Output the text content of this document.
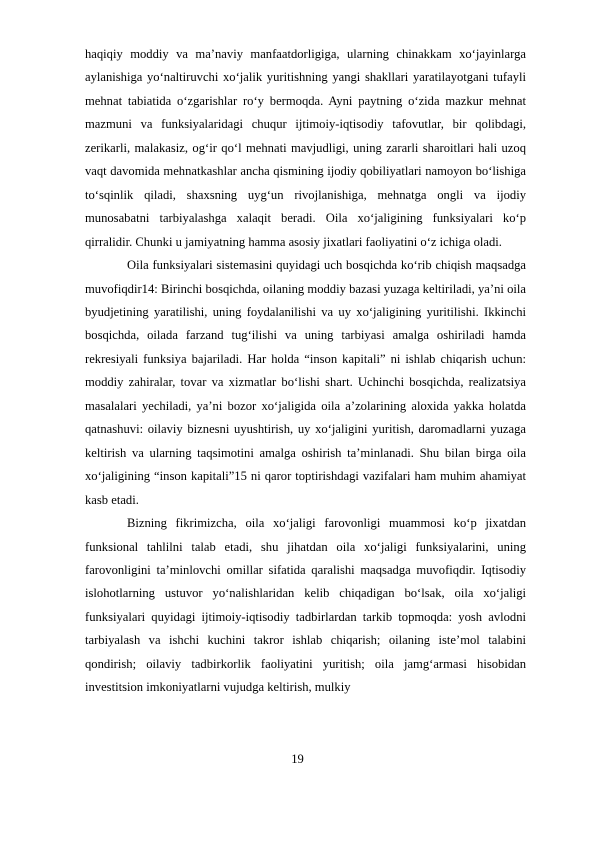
haqiqiy moddiy va ma’naviy manfaatdorligiga, ularning chinakkam xo‘jayinlarga aylanishiga yo‘naltiruvchi xo‘jalik yuritishning yangi shakllari yaratilayotgani tufayli mehnat tabiatida o‘zgarishlar ro‘y bermoqda. Ayni paytning o‘zida mazkur mehnat mazmuni va funksiyalaridagi chuqur ijtimoiy-iqtisodiy tafovutlar, bir qolibdagi, zerikarli, malakasiz, og‘ir qo‘l mehnati mavjudligi, uning zararli sharoitlari hali uzoq vaqt davomida mehnatkashlar ancha qismining ijodiy qobiliyatlari namoyon bo‘lishiga to‘sqinlik qiladi, shaxsning uyg‘un rivojlanishiga, mehnatga ongli va ijodiy munosabatni tarbiyalashga xalaqit beradi. Oila xo‘jaligining funksiyalari ko‘p qirralidir. Chunki u jamiyatning hamma asosiy jixatlari faoliyatini o‘z ichiga oladi.

Oila funksiyalari sistemasini quyidagi uch bosqichda ko‘rib chiqish maqsadga muvofiqdir14: Birinchi bosqichda, oilaning moddiy bazasi yuzaga keltiriladi, ya’ni oila byudjetining yaratilishi, uning foydalanilishi va uy xo‘jaligining yuritilishi. Ikkinchi bosqichda, oilada farzand tug‘ilishi va uning tarbiyasi amalga oshiriladi hamda rekresiyali funksiya bajariladi. Har holda “inson kapitali” ni ishlab chiqarish uchun: moddiy zahiralar, tovar va xizmatlar bo‘lishi shart. Uchinchi bosqichda, realizatsiya masalalari yechiladi, ya’ni bozor xo‘jaligida oila a’zolarining aloxida yakka holatda qatnashuvi: oilaviy biznesni uyushtirish, uy xo‘jaligini yuritish, daromadlarni yuzaga keltirish va ularning taqsimotini amalga oshirish ta’minlanadi. Shu bilan birga oila xo‘jaligining “inson kapitali”15 ni qaror toptirishdagi vazifalari ham muhim ahamiyat kasb etadi.

Bizning fikrimizcha, oila xo‘jaligi farovonligi muammosi ko‘p jixatdan funksional tahlilni talab etadi, shu jihatdan oila xo‘jaligi funksiyalarini, uning farovonligini ta’minlovchi omillar sifatida qaralishi maqsadga muvofiqdir. Iqtisodiy islohotlarning ustuvor yo‘nalishlaridan kelib chiqadigan bo‘lsak, oila xo‘jaligi funksiyalari quyidagi ijtimoiy-iqtisodiy tadbirlardan tarkib topmoqda: yosh avlodni tarbiyalash va ishchi kuchini takror ishlab chiqarish; oilaning iste’mol talabini qondirish; oilaviy tadbirkorlik faoliyatini yuritish; oila jamg‘armasi hisobidan investitsion imkoniyatlarni vujudga keltirish, mulkiy

19
